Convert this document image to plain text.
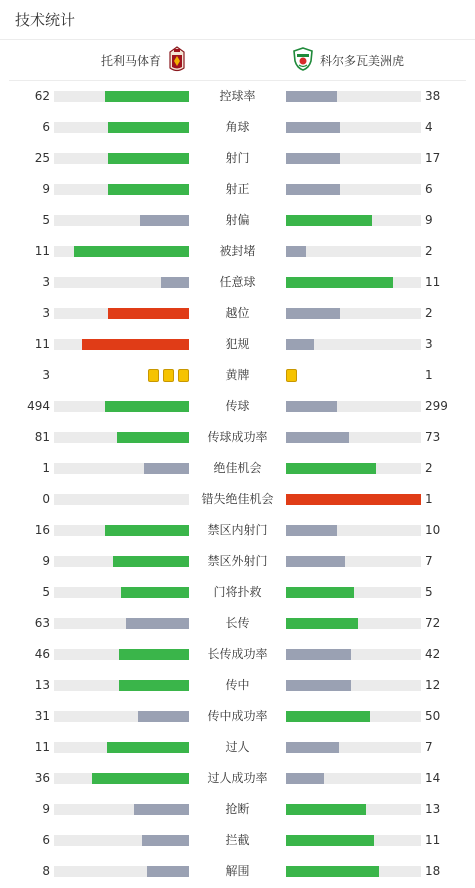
技术统计
托利马体育	科尔多瓦美洲虎
62	控球率	38
6	角球	4
25	射门	17
9	射正	6
5	射偏	9
11	被封堵	2
3	任意球	11
3	越位	2
11	犯规	3
3	黄牌	1
494	传球	299
81	传球成功率	73
1	绝佳机会	2
0	错失绝佳机会	1
16	禁区内射门	10
9	禁区外射门	7
5	门将扑救	5
63	长传	72
46	长传成功率	42
13	传中	12
31	传中成功率	50
11	过人	7
36	过人成功率	14
9	抢断	13
6	拦截	11
8	解围	18
